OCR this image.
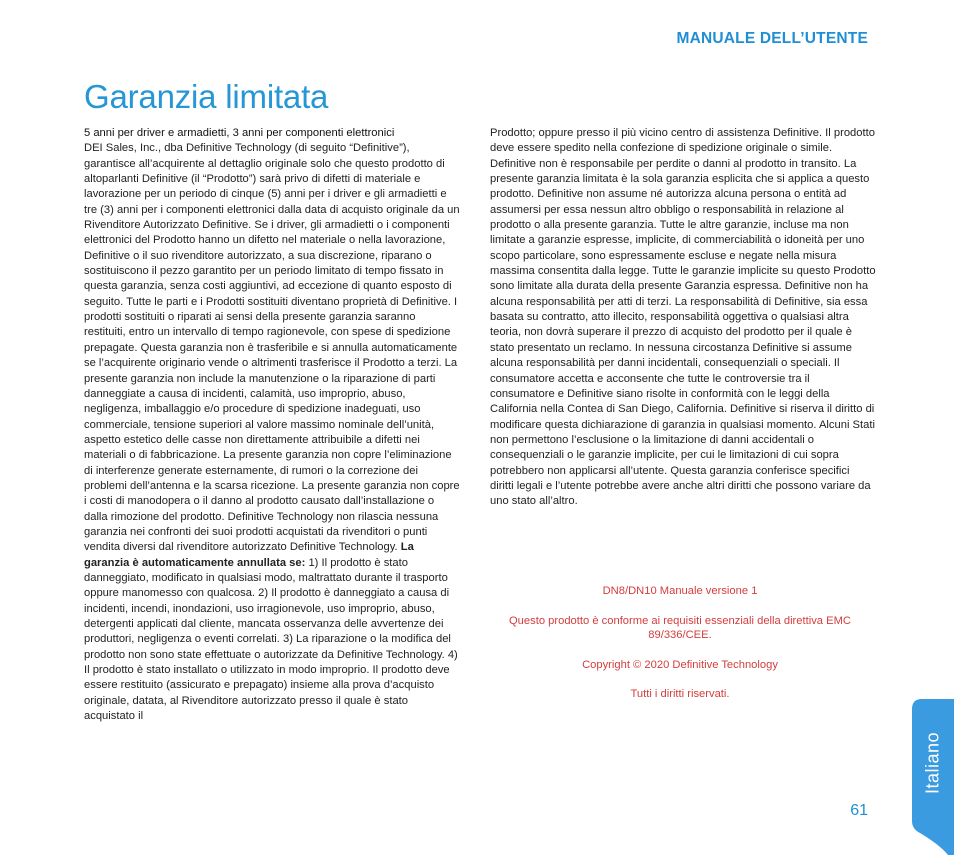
MANUALE DELL’UTENTE
Garanzia limitata
5 anni per driver e armadietti, 3 anni per componenti elettronici
DEI Sales, Inc., dba Definitive Technology (di seguito “Definitive”), garantisce all’acquirente al dettaglio originale solo che questo prodotto di altoparlanti Definitive (il “Prodotto”) sarà privo di difetti di materiale e lavorazione per un periodo di cinque (5) anni per i driver e gli armadietti e tre (3) anni per i componenti elettronici dalla data di acquisto originale da un Rivenditore Autorizzato Definitive. Se i driver, gli armadietti o i componenti elettronici del Prodotto hanno un difetto nel materiale o nella lavorazione, Definitive o il suo rivenditore autorizzato, a sua discrezione, riparano o sostituiscono il pezzo garantito per un periodo limitato di tempo fissato in questa garanzia, senza costi aggiuntivi, ad eccezione di quanto esposto di seguito. Tutte le parti e i Prodotti sostituiti diventano proprietà di Definitive. I prodotti sostituiti o riparati ai sensi della presente garanzia saranno restituiti, entro un intervallo di tempo ragionevole, con spese di spedizione prepagate. Questa garanzia non è trasferibile e si annulla automaticamente se l’acquirente originario vende o altrimenti trasferisce il Prodotto a terzi. La presente garanzia non include la manutenzione o la riparazione di parti danneggiate a causa di incidenti, calamità, uso improprio, abuso, negligenza, imballaggio e/o procedure di spedizione inadeguati, uso commerciale, tensione superiori al valore massimo nominale dell’unità, aspetto estetico delle casse non direttamente attribuibile a difetti nei materiali o di fabbricazione. La presente garanzia non copre l’eliminazione di interferenze generate esternamente, di rumori o la correzione dei problemi dell’antenna e la scarsa ricezione. La presente garanzia non copre i costi di manodopera o il danno al prodotto causato dall’installazione o dalla rimozione del prodotto. Definitive Technology non rilascia nessuna garanzia nei confronti dei suoi prodotti acquistati da rivenditori o punti vendita diversi dal rivenditore autorizzato Definitive Technology. La garanzia è automaticamente annullata se: 1) Il prodotto è stato danneggiato, modificato in qualsiasi modo, maltrattato durante il trasporto oppure manomesso con qualcosa. 2) Il prodotto è danneggiato a causa di incidenti, incendi, inondazioni, uso irragionevole, uso improprio, abuso, detergenti applicati dal cliente, mancata osservanza delle avvertenze dei produttori, negligenza o eventi correlati. 3) La riparazione o la modifica del prodotto non sono state effettuate o autorizzate da Definitive Technology. 4) Il prodotto è stato installato o utilizzato in modo improprio. Il prodotto deve essere restituito (assicurato e prepagato) insieme alla prova d’acquisto originale, datata, al Rivenditore autorizzato presso il quale è stato acquistato il
Prodotto; oppure presso il più vicino centro di assistenza Definitive. Il prodotto deve essere spedito nella confezione di spedizione originale o simile. Definitive non è responsabile per perdite o danni al prodotto in transito. La presente garanzia limitata è la sola garanzia esplicita che si applica a questo prodotto. Definitive non assume né autorizza alcuna persona o entità ad assumersi per essa nessun altro obbligo o responsabilità in relazione al prodotto o alla presente garanzia. Tutte le altre garanzie, incluse ma non limitate a garanzie espresse, implicite, di commerciabilità o idoneità per uno scopo particolare, sono espressamente escluse e negate nella misura massima consentita dalla legge. Tutte le garanzie implicite su questo Prodotto sono limitate alla durata della presente Garanzia espressa. Definitive non ha alcuna responsabilità per atti di terzi. La responsabilità di Definitive, sia essa basata su contratto, atto illecito, responsabilità oggettiva o qualsiasi altra teoria, non dovrà superare il prezzo di acquisto del prodotto per il quale è stato presentato un reclamo. In nessuna circostanza Definitive si assume alcuna responsabilità per danni incidentali, consequenziali o speciali. Il consumatore accetta e acconsente che tutte le controversie tra il consumatore e Definitive siano risolte in conformità con le leggi della California nella Contea di San Diego, California. Definitive si riserva il diritto di modificare questa dichiarazione di garanzia in qualsiasi momento. Alcuni Stati non permettono l’esclusione o la limitazione di danni accidentali o consequenziali o le garanzie implicite, per cui le limitazioni di cui sopra potrebbero non applicarsi all’utente. Questa garanzia conferisce specifici diritti legali e l’utente potrebbe avere anche altri diritti che possono variare da uno stato all’altro.

DN8/DN10 Manuale versione 1

Questo prodotto è conforme ai requisiti essenziali della direttiva EMC 89/336/CEE.

Copyright © 2020 Definitive Technology

Tutti i diritti riservati.

Italiano
61
